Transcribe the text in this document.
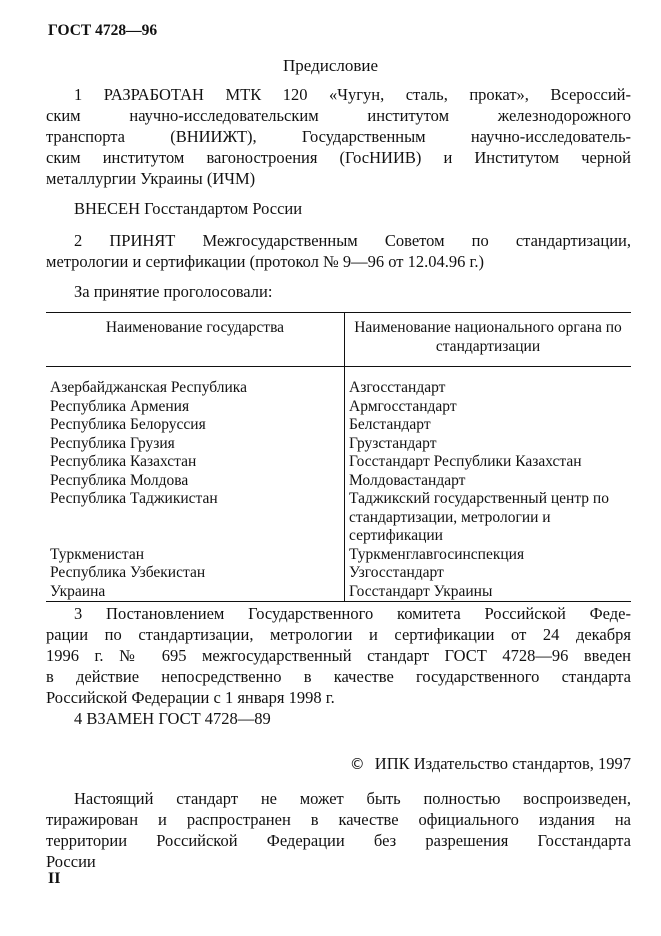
ГОСТ 4728—96
Предисловие
1 РАЗРАБОТАН МТК 120 «Чугун, сталь, прокат», Всероссий-
ским научно-исследовательским институтом железнодорожного
транспорта (ВНИИЖТ), Государственным научно-исследователь-
ским институтом вагоностроения (ГосНИИВ) и Институтом черной
металлургии Украины (ИЧМ)
ВНЕСЕН Госстандартом России
2 ПРИНЯТ Межгосударственным Советом по стандартизации,
метрологии и сертификации (протокол № 9—96 от 12.04.96 г.)
За принятие проголосовали:
Наименование государства	Наименование национального органа по стандартизации
Азербайджанская Республика	Азгосстандарт
Республика Армения	Армгосстандарт
Республика Белоруссия	Белстандарт
Республика Грузия	Грузстандарт
Республика Казахстан	Госстандарт Республики Казахстан
Республика Молдова	Молдовастандарт
Республика Таджикистан	Таджикский государственный центр по стандартизации, метрологии и сертификации
Туркменистан	Туркменглавгосинспекция
Республика Узбекистан	Узгосстандарт
Украина	Госстандарт Украины
3 Постановлением Государственного комитета Российской Феде-
рации по стандартизации, метрологии и сертификации от 24 декабря
1996 г. № 695 межгосударственный стандарт ГОСТ 4728—96 введен
в действие непосредственно в качестве государственного стандарта
Российской Федерации с 1 января 1998 г.
4 ВЗАМЕН ГОСТ 4728—89
© ИПК Издательство стандартов, 1997
Настоящий стандарт не может быть полностью воспроизведен,
тиражирован и распространен в качестве официального издания на
территории Российской Федерации без разрешения Госстандарта
России
II
